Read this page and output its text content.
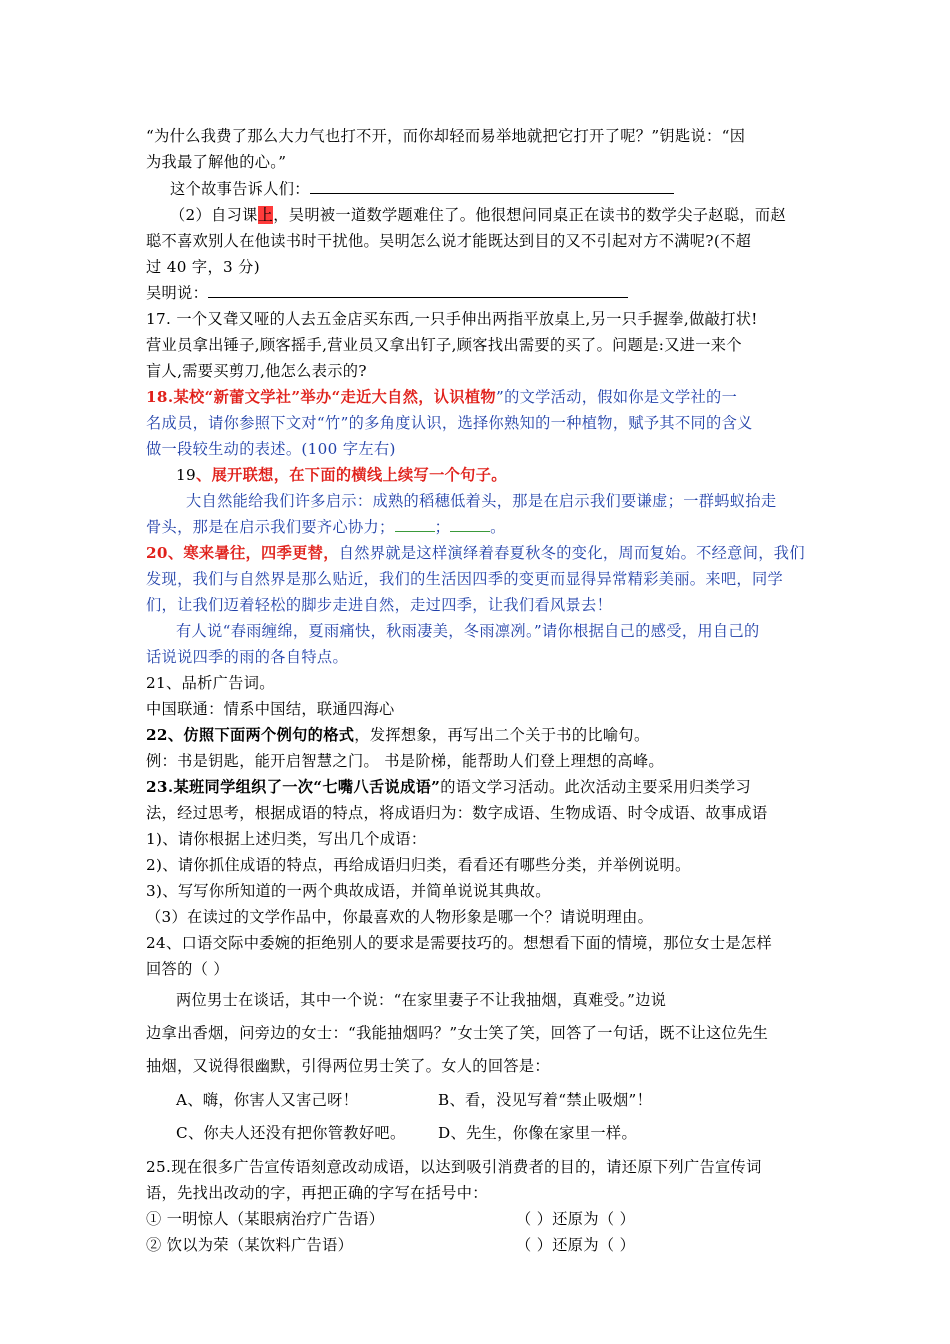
“为什么我费了那么大力气也打不开，而你却轻而易举地就把它打开了呢？”钥匙说：“因
为我最了解他的心。”
这个故事告诉人们：
（2）自习课上，吴明被一道数学题难住了。他很想问同桌正在读书的数学尖子赵聪，而赵
聪不喜欢别人在他读书时干扰他。吴明怎么说才能既达到目的又不引起对方不满呢?(不超
过 40 字，3 分)
吴明说：
17. 一个又聋又哑的人去五金店买东西,一只手伸出两指平放桌上,另一只手握拳,做敲打状!
营业员拿出锤子,顾客摇手,营业员又拿出钉子,顾客找出需要的买了。问题是:又进一来个
盲人,需要买剪刀,他怎么表示的?
18.某校“新蕾文学社”举办“走近大自然，认识植物”的文学活动，假如你是文学社的一
名成员，请你参照下文对“竹”的多角度认识，选择你熟知的一种植物，赋予其不同的含义
做一段较生动的表述。(100 字左右)
19、展开联想，在下面的横线上续写一个句子。
大自然能给我们许多启示：成熟的稻穗低着头，那是在启示我们要谦虚；一群蚂蚁抬走
骨头，那是在启示我们要齐心协力；	；	。
20、寒来暑往，四季更替，自然界就是这样演绎着春夏秋冬的变化，周而复始。不经意间，我们
发现，我们与自然界是那么贴近，我们的生活因四季的变更而显得异常精彩美丽。来吧，同学
们，让我们迈着轻松的脚步走进自然，走过四季，让我们看风景去！
有人说“春雨缠绵，夏雨痛快，秋雨凄美，冬雨凛冽。”请你根据自己的感受，用自己的
话说说四季的雨的各自特点。
21、品析广告词。
中国联通：情系中国结，联通四海心
22、仿照下面两个例句的格式，发挥想象，再写出二个关于书的比喻句。
例：书是钥匙，能开启智慧之门。 书是阶梯，能帮助人们登上理想的高峰。
23.某班同学组织了一次“七嘴八舌说成语”的语文学习活动。此次活动主要采用归类学习
法，经过思考，根据成语的特点，将成语归为：数字成语、生物成语、时令成语、故事成语
1)、请你根据上述归类，写出几个成语：
2)、请你抓住成语的特点，再给成语归归类，看看还有哪些分类，并举例说明。
3)、写写你所知道的一两个典故成语，并简单说说其典故。
（3）在读过的文学作品中，你最喜欢的人物形象是哪一个？请说明理由。
24、口语交际中委婉的拒绝别人的要求是需要技巧的。想想看下面的情境，那位女士是怎样
回答的（ ）
两位男士在谈话，其中一个说：“在家里妻子不让我抽烟，真难受。”边说
边拿出香烟，问旁边的女士：“我能抽烟吗？”女士笑了笑，回答了一句话，既不让这位先生
抽烟，又说得很幽默，引得两位男士笑了。女人的回答是：
A、嗨，你害人又害己呀！	B、看，没见写着“禁止吸烟”！
C、你夫人还没有把你管教好吧。 D、先生，你像在家里一样。
25.现在很多广告宣传语刻意改动成语，以达到吸引消费者的目的，请还原下列广告宣传词
语，先找出改动的字，再把正确的字写在括号中：
① 一明惊人（某眼病治疗广告语）	（ ）还原为（ ）
② 饮以为荣（某饮料广告语）	（ ）还原为（ ）
